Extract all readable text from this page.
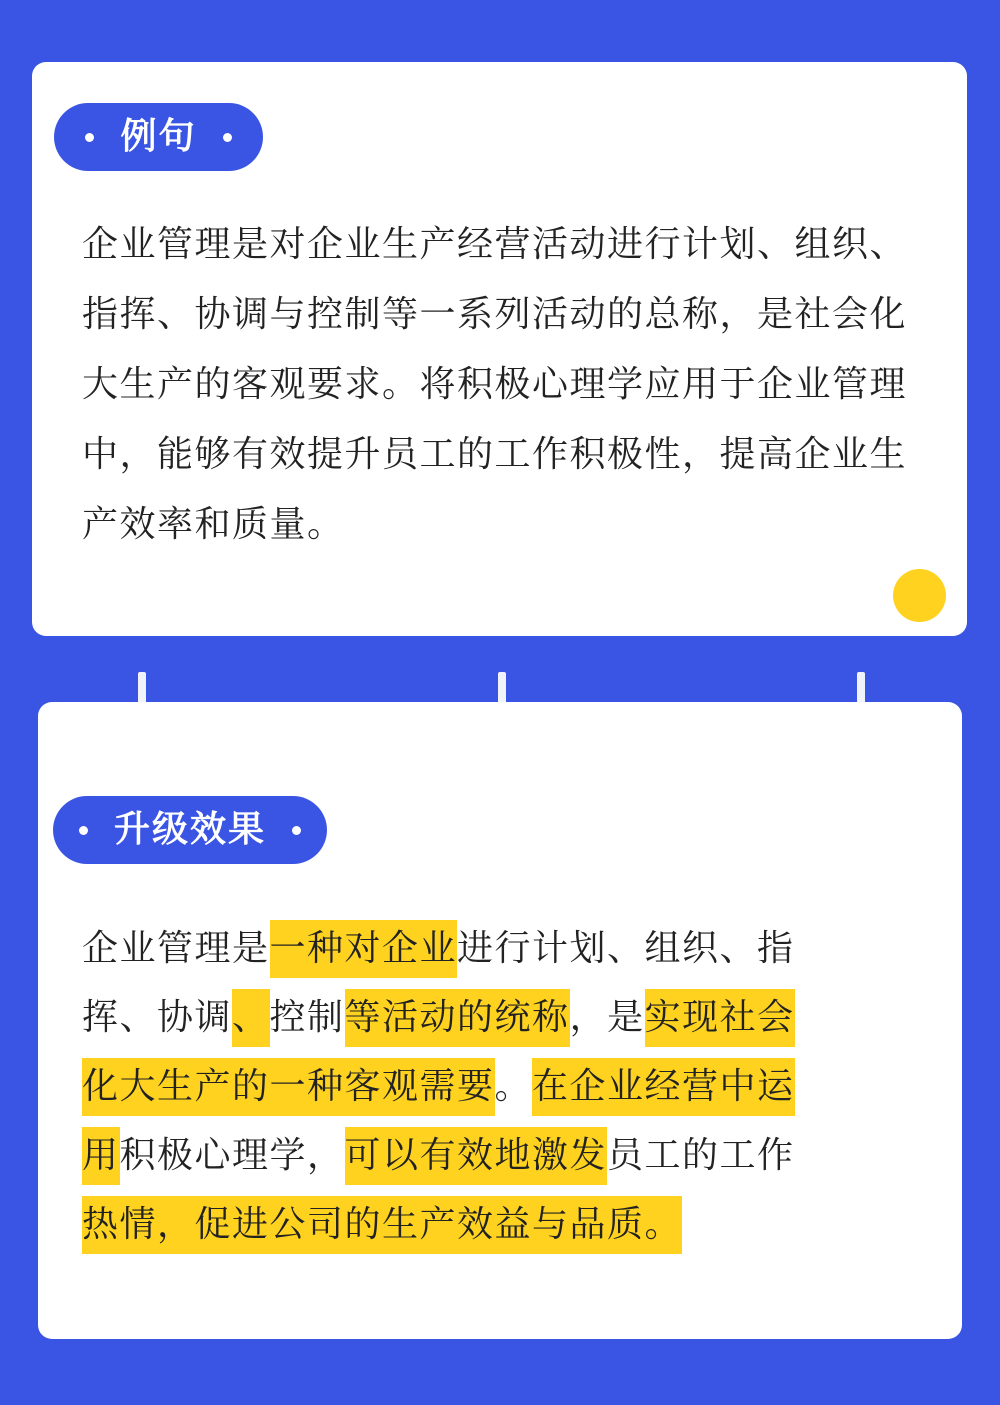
例句

企业管理是对企业生产经营活动进行计划、组织、指挥、协调与控制等一系列活动的总称，是社会化大生产的客观要求。将积极心理学应用于企业管理中，能够有效提升员工的工作积极性，提高企业生产效率和质量。

升级效果
企业管理是一种对企业进行计划、组织、指
挥、协调、控制等活动的统称，是实现社会
化大生产的一种客观需要。在企业经营中运
用积极心理学，可以有效地激发员工的工作
热情，促进公司的生产效益与品质。
